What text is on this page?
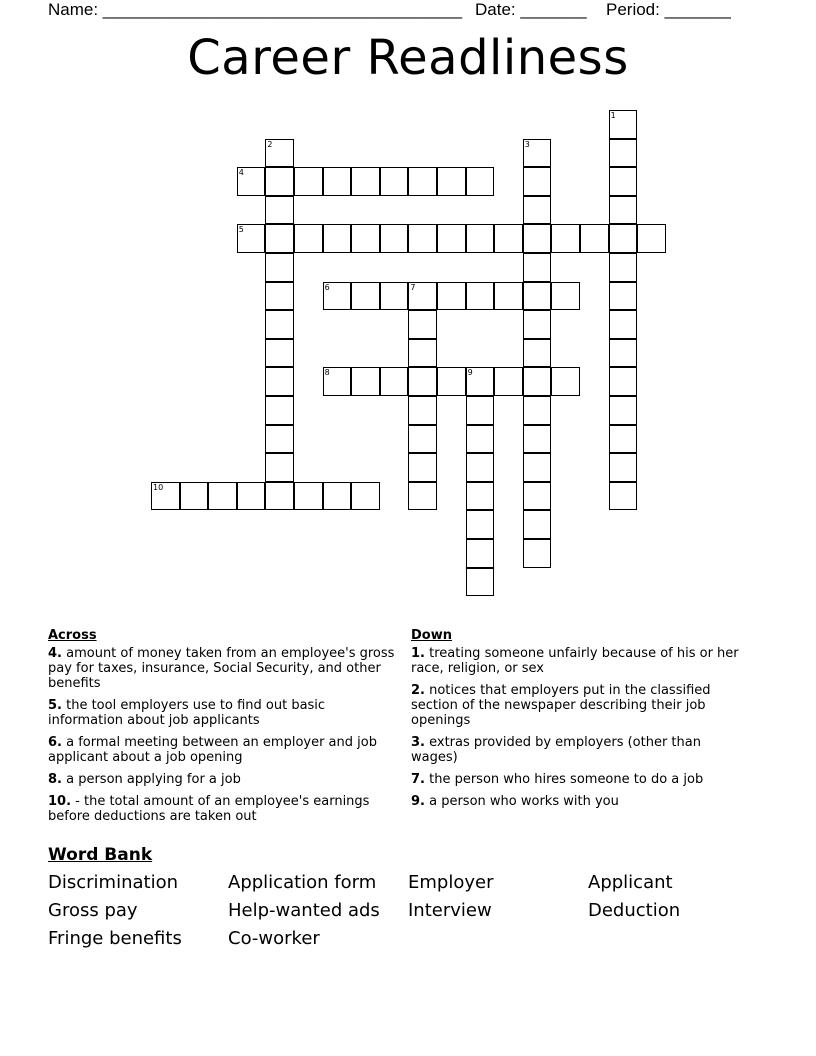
Name: ______________________________________ Date: _______ Period: _______
Career Readliness
1
2	3
4
5
6	7
8	9
10
Across
4. amount of money taken from an employee's gross pay for taxes, insurance, Social Security, and other benefits
5. the tool employers use to find out basic information about job applicants
6. a formal meeting between an employer and job applicant about a job opening
8. a person applying for a job
10. - the total amount of an employee's earnings before deductions are taken out
Down
1. treating someone unfairly because of his or her race, religion, or sex
2. notices that employers put in the classified section of the newspaper describing their job openings
3. extras provided by employers (other than wages)
7. the person who hires someone to do a job
9. a person who works with you
Word Bank
Discrimination	Application form	Employer	Applicant
Gross pay	Help-wanted ads	Interview	Deduction
Fringe benefits	Co-worker
